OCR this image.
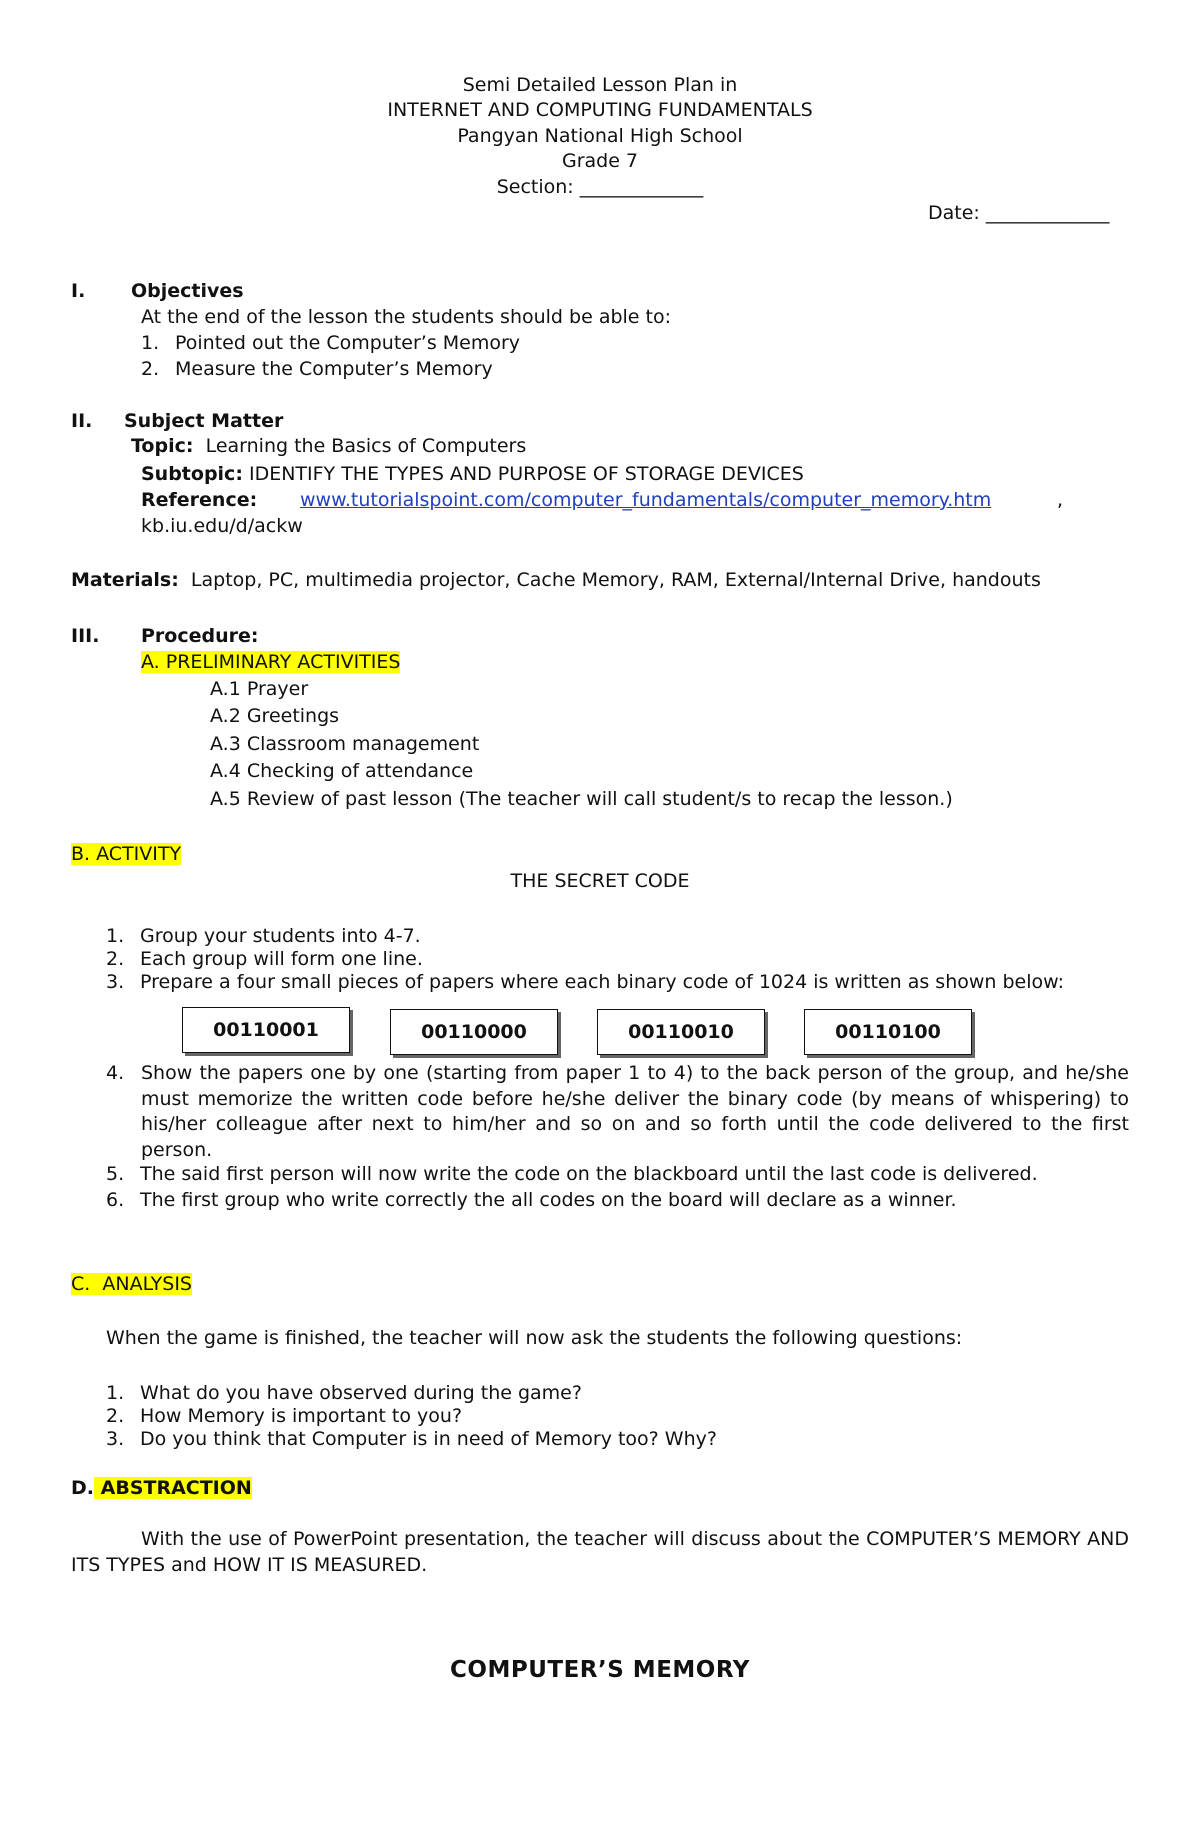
Semi Detailed Lesson Plan in
INTERNET AND COMPUTING FUNDAMENTALS
Pangyan National High School
Grade 7
Section: _____________
Date: _____________
I. Objectives
At the end of the lesson the students should be able to:
1. Pointed out the Computer’s Memory
2. Measure the Computer’s Memory
II. Subject Matter
Topic: Learning the Basics of Computers
Subtopic: IDENTIFY THE TYPES AND PURPOSE OF STORAGE DEVICES
Reference: www.tutorialspoint.com/computer_fundamentals/computer_memory.htm	,
kb.iu.edu/d/ackw
Materials: Laptop, PC, multimedia projector, Cache Memory, RAM, External/Internal Drive, handouts
III. Procedure:
A. PRELIMINARY ACTIVITIES
A.1 Prayer
A.2 Greetings
A.3 Classroom management
A.4 Checking of attendance
A.5 Review of past lesson (The teacher will call student/s to recap the lesson.)
B. ACTIVITY
THE SECRET CODE
1. Group your students into 4-7.
2. Each group will form one line.
3. Prepare a four small pieces of papers where each binary code of 1024 is written as shown below:
00110001	00110000	00110010	00110100
4. Show the papers one by one (starting from paper 1 to 4) to the back person of the group, and he/she must memorize the written code before he/she deliver the binary code (by means of whispering) to his/her colleague after next to him/her and so on and so forth until the code delivered to the first person.
5. The said first person will now write the code on the blackboard until the last code is delivered.
6. The first group who write correctly the all codes on the board will declare as a winner.
C.  ANALYSIS
When the game is finished, the teacher will now ask the students the following questions:
1. What do you have observed during the game?
2. How Memory is important to you?
3. Do you think that Computer is in need of Memory too? Why?
D. ABSTRACTION
With the use of PowerPoint presentation, the teacher will discuss about the COMPUTER’S MEMORY AND ITS TYPES and HOW IT IS MEASURED.
COMPUTER’S MEMORY
